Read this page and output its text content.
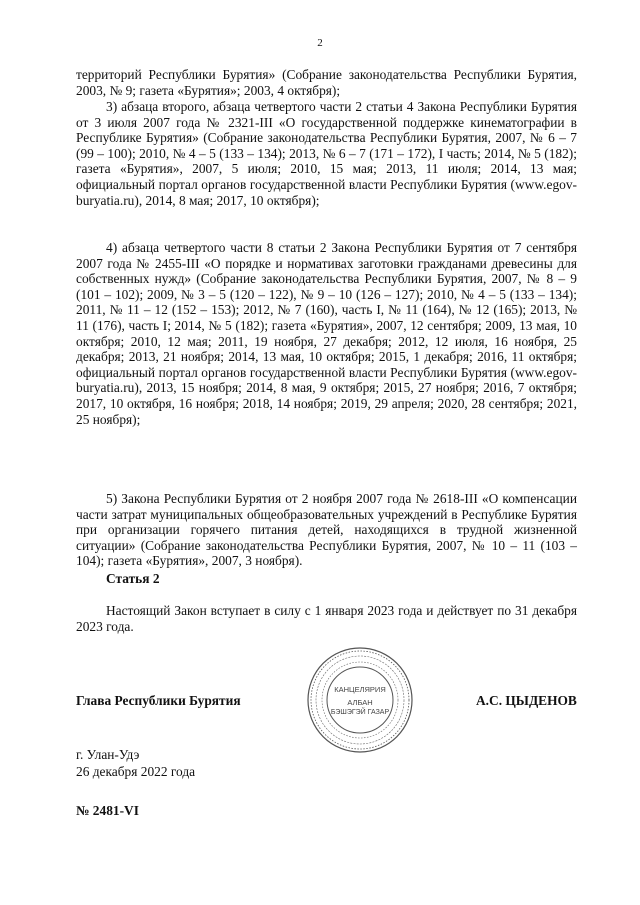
2

территорий Республики Бурятия» (Собрание законодательства Республики Бурятия, 2003, № 9; газета «Бурятия»; 2003, 4 октября);

3) абзаца второго, абзаца четвертого части 2 статьи 4 Закона Республики Бурятия от 3 июля 2007 года № 2321-III «О государственной поддержке кинематографии в Республике Бурятия» (Собрание законодательства Республики Бурятия, 2007, № 6 – 7 (99 – 100); 2010, № 4 – 5 (133 – 134); 2013, № 6 – 7 (171 – 172), I часть; 2014, № 5 (182); газета «Бурятия», 2007, 5 июля; 2010, 15 мая; 2013, 11 июля; 2014, 13 мая; официальный портал органов государственной власти Республики Бурятия (www.egov-buryatia.ru), 2014, 8 мая; 2017, 10 октября);

4) абзаца четвертого части 8 статьи 2 Закона Республики Бурятия от 7 сентября 2007 года № 2455-III «О порядке и нормативах заготовки гражданами древесины для собственных нужд» (Собрание законодательства Республики Бурятия, 2007, № 8 – 9 (101 – 102); 2009, № 3 – 5 (120 – 122), № 9 – 10 (126 – 127); 2010, № 4 – 5 (133 – 134); 2011, № 11 – 12 (152 – 153); 2012, № 7 (160), часть I, № 11 (164), № 12 (165); 2013, № 11 (176), часть I; 2014, № 5 (182); газета «Бурятия», 2007, 12 сентября; 2009, 13 мая, 10 октября; 2010, 12 мая; 2011, 19 ноября, 27 декабря; 2012, 12 июля, 16 ноября, 25 декабря; 2013, 21 ноября; 2014, 13 мая, 10 октября; 2015, 1 декабря; 2016, 11 октября; официальный портал органов государственной власти Республики Бурятия (www.egov-buryatia.ru), 2013, 15 ноября; 2014, 8 мая, 9 октября; 2015, 27 ноября; 2016, 7 октября; 2017, 10 октября, 16 ноября; 2018, 14 ноября; 2019, 29 апреля; 2020, 28 сентября; 2021, 25 ноября);

5) Закона Республики Бурятия от 2 ноября 2007 года № 2618-III «О компенсации части затрат муниципальных общеобразовательных учреждений в Республике Бурятия при организации горячего питания детей, находящихся в трудной жизненной ситуации» (Собрание законодательства Республики Бурятия, 2007, № 10 – 11 (103 – 104); газета «Бурятия», 2007, 3 ноября).

Статья 2

Настоящий Закон вступает в силу с 1 января 2023 года и действует по 31 декабря 2023 года.

Глава Республики Бурятия
КАНЦЕЛЯРИЯ
АЛБАН
БЭШЭГЭЙ ГАЗАР
А.С. ЦЫДЕНОВ
г. Улан-Удэ
26 декабря 2022 года
№ 2481-VI
